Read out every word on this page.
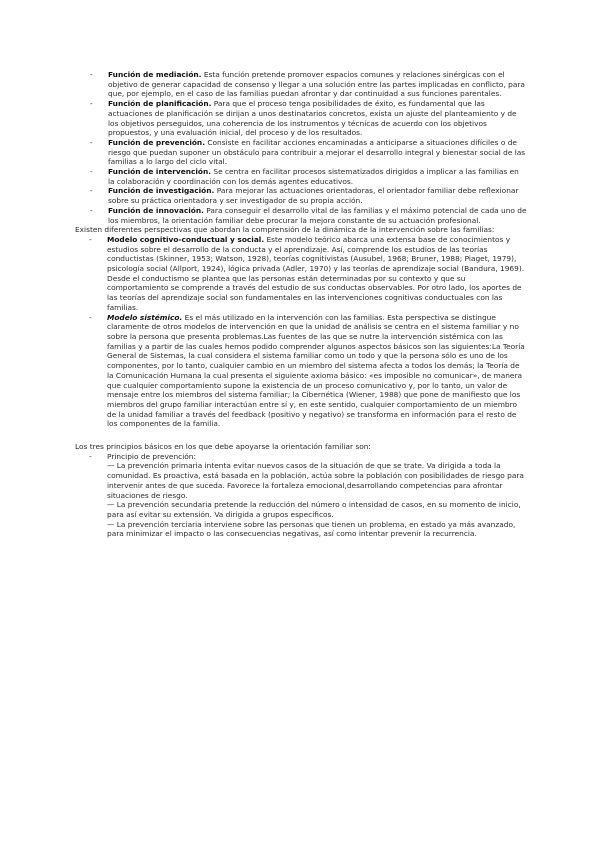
- Función de mediación. Esta función pretende promover espacios comunes y relaciones sinérgicas con el objetivo de generar capacidad de consenso y llegar a una solución entre las partes implicadas en conflicto, para que, por ejemplo, en el caso de las familias puedan afrontar y dar continuidad a sus funciones parentales.
- Función de planificación. Para que el proceso tenga posibilidades de éxito, es fundamental que las actuaciones de planificación se dirijan a unos destinatarios concretos, exista un ajuste del planteamiento y de los objetivos perseguidos, una coherencia de los instrumentos y técnicas de acuerdo con los objetivos propuestos, y una evaluación inicial, del proceso y de los resultados.
- Función de prevención. Consiste en facilitar acciones encaminadas a anticiparse a situaciones difíciles o de riesgo que puedan suponer un obstáculo para contribuir a mejorar el desarrollo integral y bienestar social de las familias a lo largo del ciclo vital.
- Función de intervención. Se centra en facilitar procesos sistematizados dirigidos a implicar a las familias en la colaboración y coordinación con los demás agentes educativos.
- Función de investigación. Para mejorar las actuaciones orientadoras, el orientador familiar debe reflexionar sobre su práctica orientadora y ser investigador de su propia acción.
- Función de innovación. Para conseguir el desarrollo vital de las familias y el máximo potencial de cada uno de los miembros, la orientación familiar debe procurar la mejora constante de su actuación profesional.

Existen diferentes perspectivas que abordan la comprensión de la dinámica de la intervención sobre las familias:

- Modelo cognitivo-conductual y social. Este modelo teórico abarca una extensa base de conocimientos y estudios sobre el desarrollo de la conducta y el aprendizaje. Así, comprende los estudios de las teorías conductistas (Skinner, 1953; Watson, 1928), teorías cognitivistas (Ausubel, 1968; Bruner, 1988; Piaget, 1979), psicología social (Allport, 1924), lógica privada (Adler, 1970) y las teorías de aprendizaje social (Bandura, 1969). Desde el conductismo se plantea que las personas están determinadas por su contexto y que su comportamiento se comprende a través del estudio de sus conductas observables. Por otro lado, los aportes de las teorías del aprendizaje social son fundamentales en las intervenciones cognitivas conductuales con las familias.
- Modelo sistémico. Es el más utilizado en la intervención con las familias. Esta perspectiva se distingue claramente de otros modelos de intervención en que la unidad de análisis se centra en el sistema familiar y no sobre la persona que presenta problemas.Las fuentes de las que se nutre la intervención sistémica con las familias y a partir de las cuales hemos podido comprender algunos aspectos básicos son las siguientes:La Teoría General de Sistemas, la cual considera el sistema familiar como un todo y que la persona sólo es uno de los componentes, por lo tanto, cualquier cambio en un miembro del sistema afecta a todos los demás; la Teoría de la Comunicación Humana la cual presenta el siguiente axioma básico: «es imposible no comunicar», de manera que cualquier comportamiento supone la existencia de un proceso comunicativo y, por lo tanto, un valor de mensaje entre los miembros del sistema familiar; la Cibernética (Wiener, 1988) que pone de manifiesto que los miembros del grupo familiar interactúan entre sí y, en este sentido, cualquier comportamiento de un miembro de la unidad familiar a través del feedback (positivo y negativo) se transforma en información para el resto de los componentes de la familia.

Los tres principios básicos en los que debe apoyarse la orientación familiar son:

- Principio de prevención:

— La prevención primaria intenta evitar nuevos casos de la situación de que se trate. Va dirigida a toda la comunidad. Es proactiva, está basada en la población, actúa sobre la población con posibilidades de riesgo para intervenir antes de que suceda. Favorece la fortaleza emocional,desarrollando competencias para afrontar situaciones de riesgo.

— La prevención secundaria pretende la reducción del número o intensidad de casos, en su momento de inicio, para así evitar su extensión. Va dirigida a grupos específicos.

— La prevención terciaria interviene sobre las personas que tienen un problema, en estado ya más avanzado, para minimizar el impacto o las consecuencias negativas, así como intentar prevenir la recurrencia.
